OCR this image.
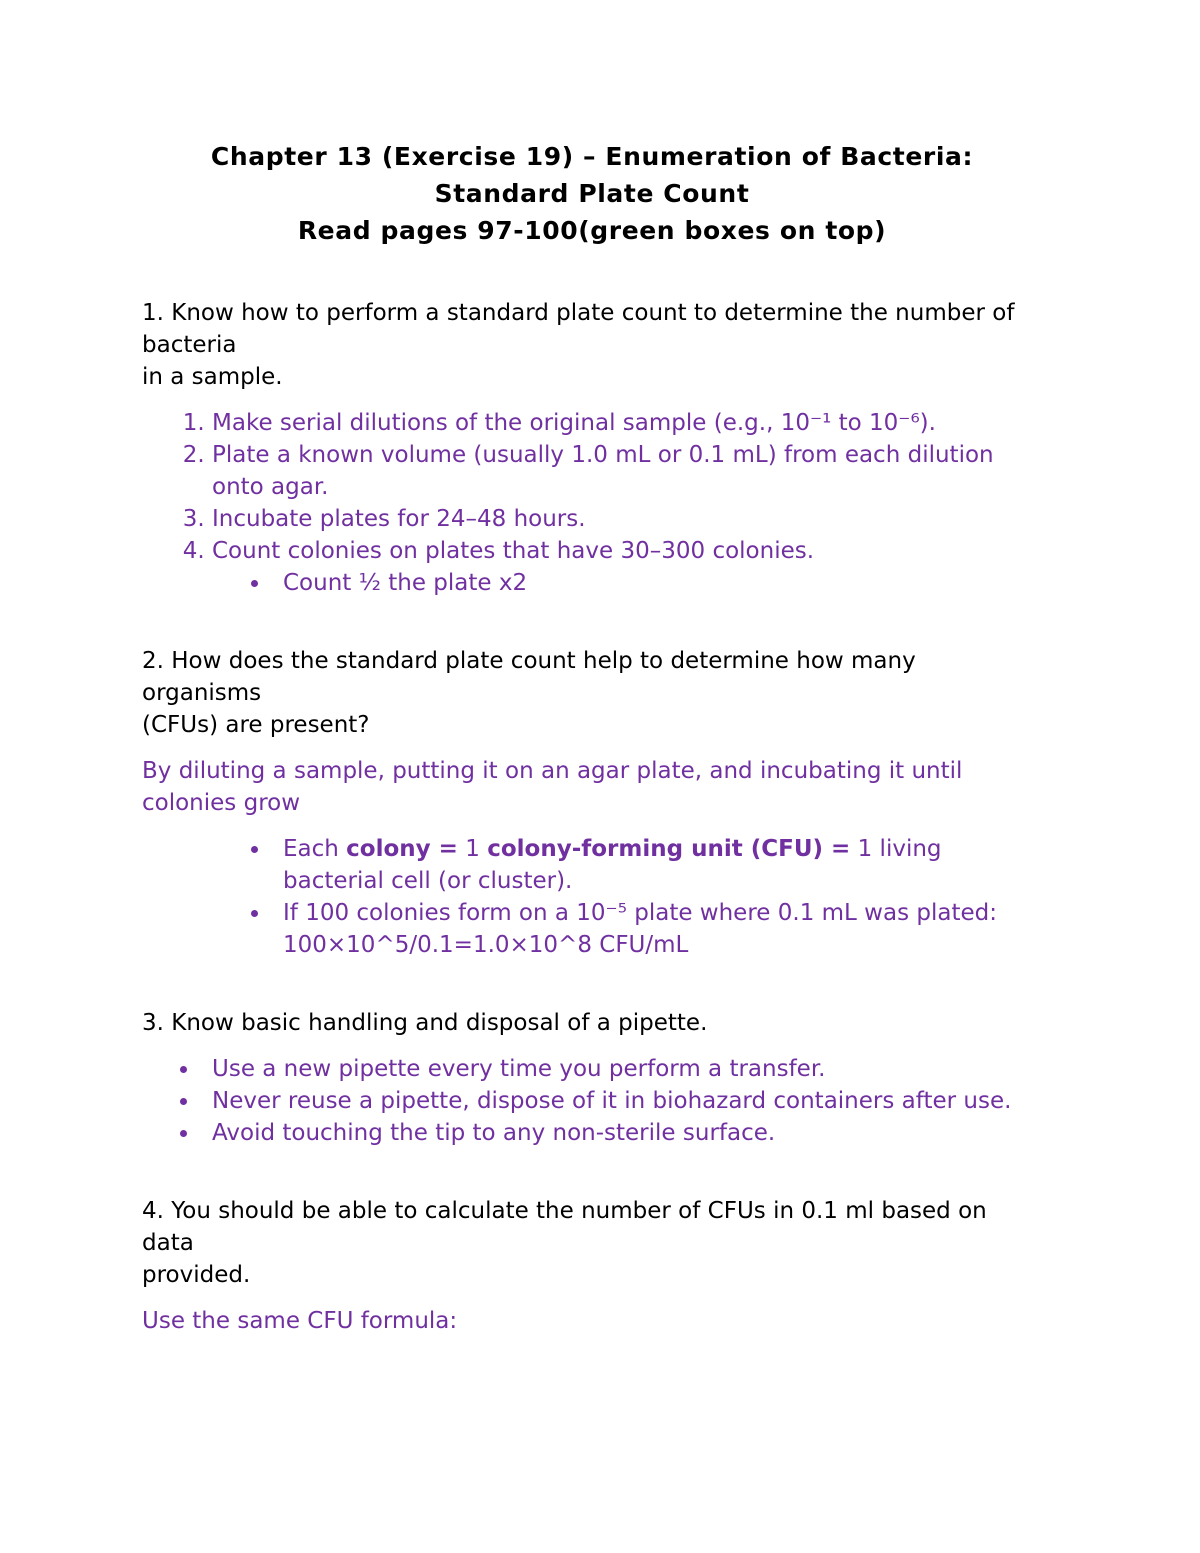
Chapter 13 (Exercise 19) – Enumeration of Bacteria:
Standard Plate Count
Read pages 97-100(green boxes on top)
1. Know how to perform a standard plate count to determine the number of
bacteria
in a sample.
1. Make serial dilutions of the original sample (e.g., 10⁻¹ to 10⁻⁶).
2. Plate a known volume (usually 1.0 mL or 0.1 mL) from each dilution onto agar.
3. Incubate plates for 24–48 hours.
4. Count colonies on plates that have 30–300 colonies.
Count ½ the plate x2
2. How does the standard plate count help to determine how many
organisms
(CFUs) are present?
By diluting a sample, putting it on an agar plate, and incubating it until colonies grow
Each colony = 1 colony-forming unit (CFU) = 1 living bacterial cell (or cluster).
If 100 colonies form on a 10⁻⁵ plate where 0.1 mL was plated:
100×10^5/0.1=1.0×10^8 CFU/mL
3. Know basic handling and disposal of a pipette.
Use a new pipette every time you perform a transfer.
Never reuse a pipette, dispose of it in biohazard containers after use.
Avoid touching the tip to any non-sterile surface.
4. You should be able to calculate the number of CFUs in 0.1 ml based on
data
provided.
Use the same CFU formula:
